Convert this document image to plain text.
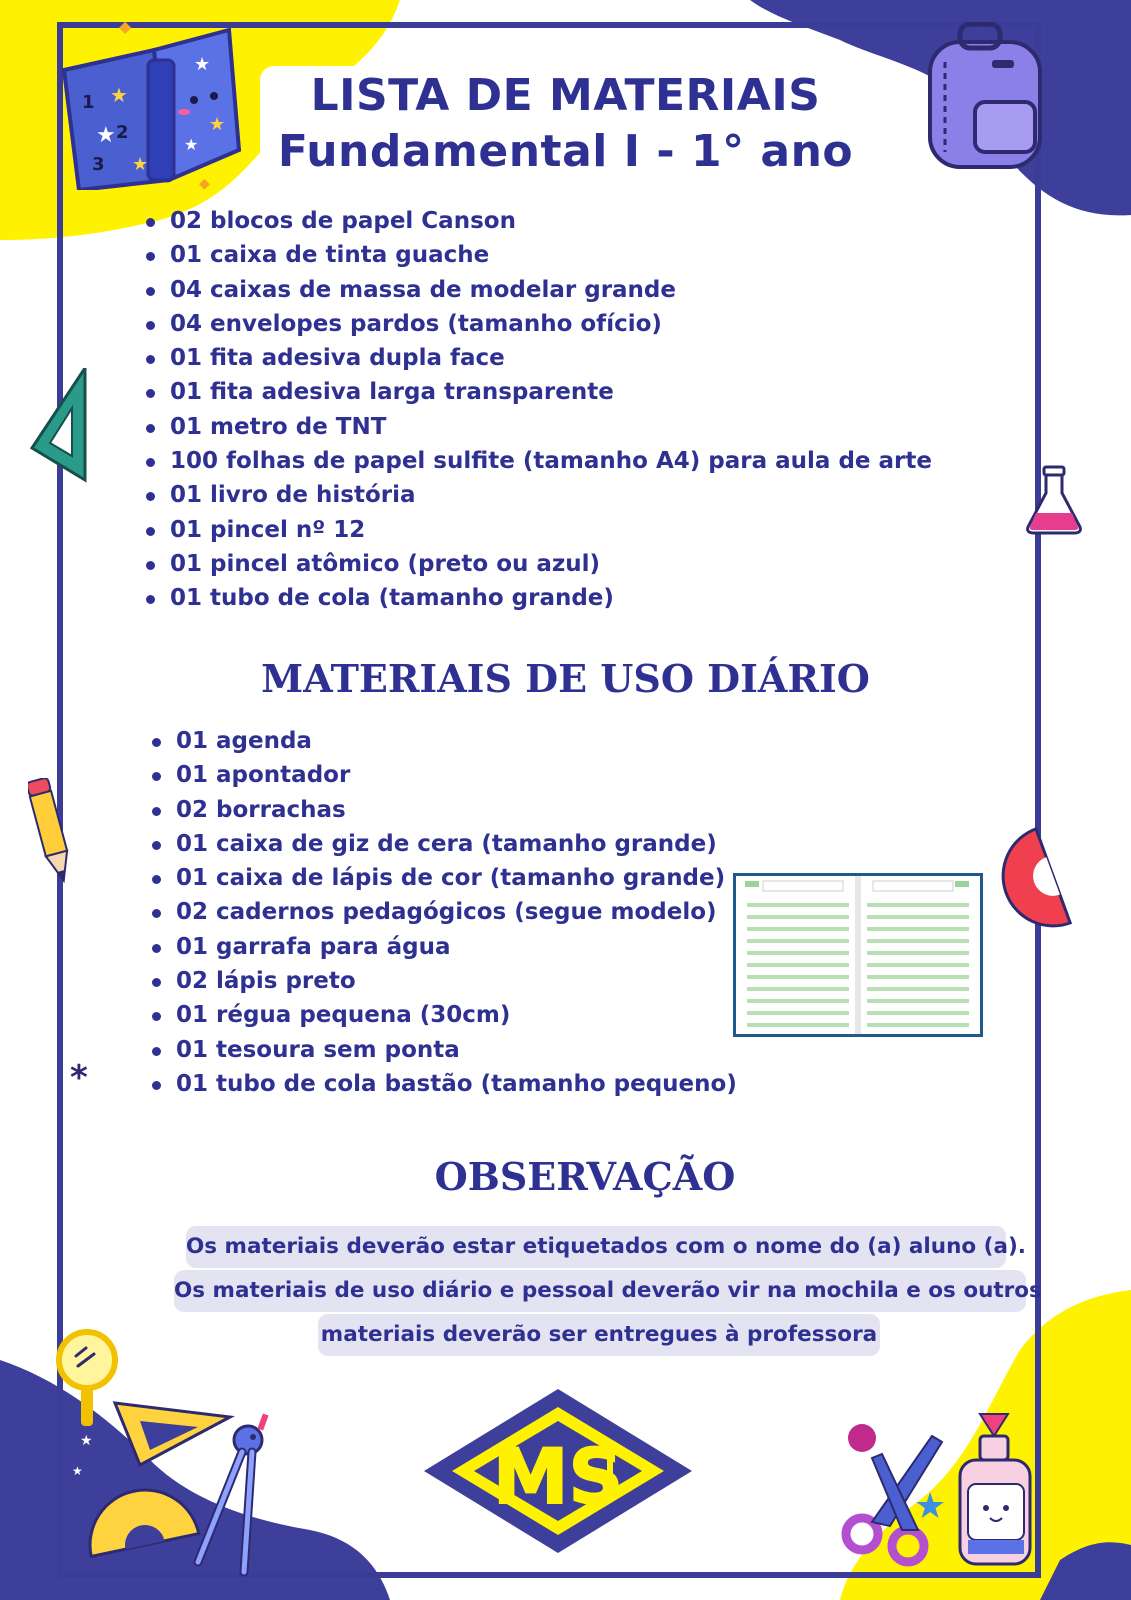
LISTA DE MATERIAIS
Fundamental I - 1° ano
1
2
3
★
★
★
★
★
★
◆
◆
*
02 blocos de papel Canson
01 caixa de tinta guache
04 caixas de massa de modelar grande
04 envelopes pardos (tamanho ofício)
01 fita adesiva dupla face
01 fita adesiva larga transparente
01 metro de TNT
100 folhas de papel sulfite (tamanho A4) para aula de arte
01 livro de história
01 pincel nº 12
01 pincel atômico (preto ou azul)
01 tubo de cola (tamanho grande)
MATERIAIS DE USO DIÁRIO
01 agenda
01 apontador
02 borrachas
01 caixa de giz de cera (tamanho grande)
01 caixa de lápis de cor (tamanho grande)
02 cadernos pedagógicos (segue modelo)
01 garrafa para água
02 lápis preto
01 régua pequena (30cm)
01 tesoura sem ponta
01 tubo de cola bastão (tamanho pequeno)
OBSERVAÇÃO
Os materiais deverão estar etiquetados com o nome do (a) aluno (a).
Os materiais de uso diário e pessoal deverão vir na mochila e os outros
materiais deverão ser entregues à professora
★
★	MS	★
